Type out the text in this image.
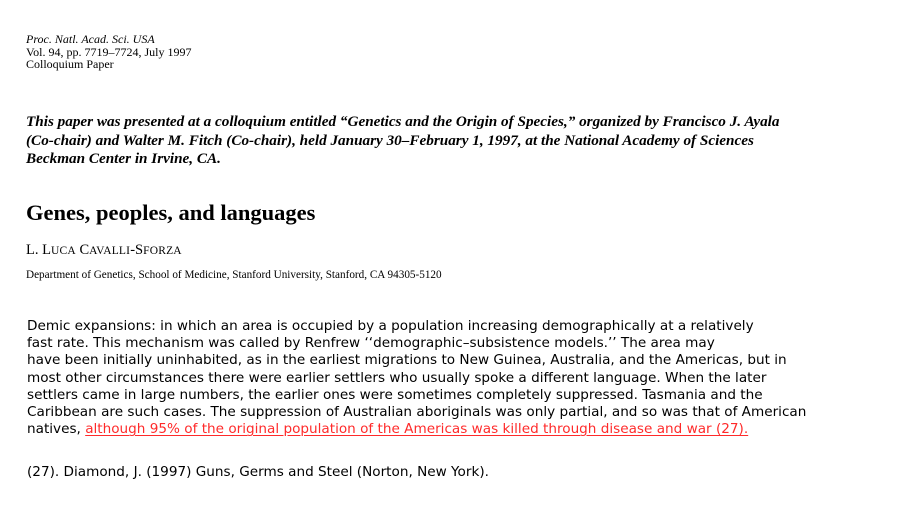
Proc. Natl. Acad. Sci. USA
Vol. 94, pp. 7719–7724, July 1997
Colloquium Paper
This paper was presented at a colloquium entitled “Genetics and the Origin of Species,” organized by Francisco J. Ayala
(Co-chair) and Walter M. Fitch (Co-chair), held January 30–February 1, 1997, at the National Academy of Sciences
Beckman Center in Irvine, CA.
Genes, peoples, and languages
L. LUCA CAVALLI-SFORZA
Department of Genetics, School of Medicine, Stanford University, Stanford, CA 94305-5120
Demic expansions: in which an area is occupied by a population increasing demographically at a relatively
fast rate. This mechanism was called by Renfrew ‘‘demographic–subsistence models.’’ The area may
have been initially uninhabited, as in the earliest migrations to New Guinea, Australia, and the Americas, but in
most other circumstances there were earlier settlers who usually spoke a different language. When the later
settlers came in large numbers, the earlier ones were sometimes completely suppressed. Tasmania and the
Caribbean are such cases. The suppression of Australian aboriginals was only partial, and so was that of American
natives, although 95% of the original population of the Americas was killed through disease and war (27).
(27). Diamond, J. (1997) Guns, Germs and Steel (Norton, New York).
